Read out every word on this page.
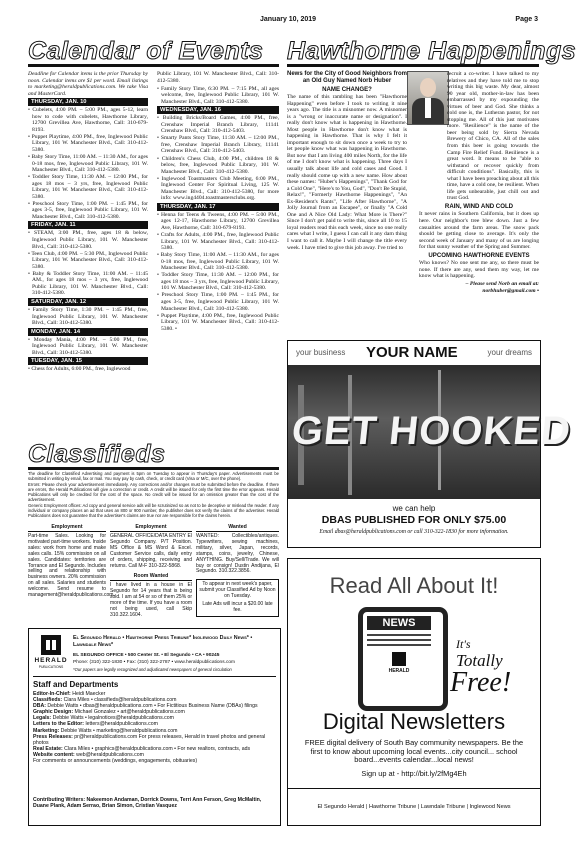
January 10, 2019	Page 3
Calendar of Events
Deadline for Calendar items is the prior Thursday by noon. Calendar items are $1 per word. Email listings to marketing@heraldpublications.com. We take Visa and MasterCard.
THURSDAY, JAN. 10
• Cubelets, 4:00 PM. – 5:00 PM., ages 5-12, learn how to code with cubelets, Hawthorne Library, 12700 Grevillea Ave, Hawthorne, Call: 310-679-8193.
• Puppet Playtime, 4:00 PM., free, Inglewood Public Library, 101 W. Manchester Blvd., Call: 310-412-5380.
• Baby Story Time, 11:00 AM. – 11:30 AM., for ages 0-18 mos, free, Inglewood Public Library, 101 W. Manchester Blvd., Call: 310-412-5380.
• Toddler Story Time, 11:30 AM. – 12:00 PM., for ages 18 mos – 3 yrs, free, Inglewood Public Library, 101 W. Manchester Blvd., Call: 310-412-5380.
• Preschool Story Time, 1:00 PM. – 1:45 PM., for ages 3-5, free, Inglewood Public Library, 101 W. Manchester Blvd., Call: 310-412-5380.
FRIDAY, JAN. 11
• STEAM, 3:00 PM., free, ages 18 & below, Inglewood Public Library, 101 W. Manchester Blvd., Call: 310-412-5380.
• Teen Club, 4:00 PM. – 5:30 PM., Inglewood Public Library, 101 W. Manchester Blvd., Call: 310-412-5380.
• Baby & Toddler Story Time, 11:00 AM. – 11:45 AM., for ages 18 mos – 3 yrs, free, Inglewood Public Library, 101 W. Manchester Blvd., Call: 310-412-5380.
SATURDAY, JAN. 12
• Family Story Time, 1:30 PM. – 1:45 PM., free, Inglewood Public Library, 101 W. Manchester Blvd., Call: 310-412-5380.
MONDAY, JAN. 14
• Monday Mania, 4:00 PM. – 5:00 PM., free, Inglewood Public Library, 101 W. Manchester Blvd., Call: 310-412-5380.
TUESDAY, JAN. 15
• Chess for Adults, 6:00 PM., free, Inglewood

Public Library, 101 W. Manchester Blvd., Call: 310-412-5380.

• Family Story Time, 6:30 PM. – 7:15 PM., all ages welcome, free, Inglewood Public Library, 101 W. Manchester Blvd., Call: 310-412-5380.
WEDNESDAY, JAN. 16
• Building Bricks/Board Games, 4:00 PM., free, Crenshaw Imperial Branch Library, 11141 Crenshaw Blvd., Call: 310-412-5403.
• Smarty Pants Story Time, 11:30 AM. – 12:00 PM., free, Crenshaw Imperial Branch Library, 11141 Crenshaw Blvd., Call: 310-412-5403.
• Children's Chess Club, 4:00 PM., children 18 & below, free, Inglewood Public Library, 101 W. Manchester Blvd., Call: 310-412-5380.
• Inglewood Toastmasters Club Meeting, 6:00 PM., Inglewood Center For Spiritual Living, 125 W. Manchester Blvd., Call: 310-412-5380, for more info: www.ing4404.toastmastersclubs.org.
THURSDAY, JAN. 17
• Henna for Teens & Tweens, 4:00 PM. – 5:00 PM., ages 12-17, Hawthorne Library, 12700 Grevillea Ave, Hawthorne, Call: 310-679-8193.
• Crafts for Adults, 4:00 PM., free, Inglewood Public Library, 101 W. Manchester Blvd., Call: 310-412-5380.
• Baby Story Time, 11:00 AM. – 11:30 AM., for ages 0-18 mos, free, Inglewood Public Library, 101 W. Manchester Blvd., Call: 310-412-5380.
• Toddler Story Time, 11:30 AM. – 12:00 PM., for ages 18 mos – 3 yrs, free, Inglewood Public Library, 101 W. Manchester Blvd., Call: 310-412-5380.
• Preschool Story Time, 1:00 PM. – 1:45 PM., for ages 3-5, free, Inglewood Public Library, 101 W. Manchester Blvd., Call: 310-412-5380.
• Puppet Playtime, 4:00 PM., free, Inglewood Public Library, 101 W. Manchester Blvd., Call: 310-412-5380. •
Hawthorne Happenings
News for the City of Good Neighbors from an Old Guy Named Norb Huber
NAME CHANGE?

The name of this rambling has been "Hawthorne Happening" even before I took to writing it nine years ago. The title is a misnomer now. A misnomer is a "wrong or inaccurate name or designation". I really don't know what is happening in Hawthorne. Most people in Hawthorne don't know what is happening in Hawthorne. That is why I felt it important enough to sit down once a week to try to let people know what was happening in Hawthorne. But now that I am living 400 miles North, for the life of me I don't know what is happening. Three days I usually talk about life and cold cases and Good. I really should come up with a new name. How about these names: "Huber's Happenings", "Thank God for a Cold One", "Here's to You, God", "Don't Be Stupid, Relax!", "Formerly Hawthorne Happenings", "An Ex-Resident's Rants", "Life After Hawthorne", "A Jolly Journal from an Escapee", or finally "A Cold One and A Nice Old Lady: What More is There?" Since I don't get paid to write this, since all 10 to 15 loyal readers read this each week, since no one really cares what I write, I guess I can call it any darn thing I want to call it. Maybe I will change the title every week. I have tried to give this job away. I've tried to

recruit a co-writer. I have talked to my relatives and they have told me to stop writing this big waste. My dear, almost 90 year old, mother-in-law has been embarrassed by my expounding the virtues of beer and God. She thinks a cold one is, the Lutheran pastor, for not stopping me. All of this just motivates more. "Resilience" is the name of the beer being sold by Sierra Nevada Brewery of Chico, CA. All of the sales from this beer is going towards the Camp Fire Relief Fund. Resilience is a great word. It means to be "able to withstand or recover quickly from difficult conditions". Basically, this is what I have been preaching about all this time, have a cold one, be resilient. When life gets unbearable, just chill out and trust God.

RAIN, WIND AND COLD

It never rains in Southern California, but it does up here. Our neighbor's tree blew down. Just a few casualties around the farm areas. The snow pack should be getting close to average. It's only the second week of January and many of us are longing for that sunny weather of the Spring and Summer.

UPCOMING HAWTHORNE EVENTS

Who knows? No one sent me any, so there must be none. If there are any, send them my way, let me know what is happening.

– Please send Norb an email at: norbhuber@gmail.com •

your business YOUR NAME	your dreams
GET HOOKED
we can help
DBAS PUBLISHED FOR ONLY $75.00
Email dbas@heraldpublications.com or call 310-322-1830 for more information.
Classifieds
The deadline for Classified Advertising and payment is 5pm on Tuesday to appear in Thursday's paper. Advertisements must be submitted in writing by email, fax or mail. You may pay by cash, check, or credit card (Visa or M/C, over the phone).
Errors: Please check your advertisement immediately. Any corrections and/or changes must be submitted before the deadline. If there are errors, the Herald Publications will give a correction or credit. A credit will be issued for only the first time the error appears. Herald Publications will only be credited for the cost of the space. No credit will be issued for an omission greater than the cost of the advertisement.
Generic Employment offices: Ad copy and general service ads will be scrutinized so as not to be deceptive or mislead the reader. If any individual or company places an ad that uses an 800 or 900 number, the publisher does not verify the claims of the advertiser. Herald Publications does not guarantee that the advertiser's claims are true nor are responsible for the claims herein.
Employment
Part-time Sales. Looking for motivated part-time workers. Inside sales: work from home and make sales calls. 15% commission on all sales. Candidates: territories are Torrance and El Segundo. Includes selling and relationship with business owners. 20% commission on all sales. Salaries and students welcome. Send resume to management@heraldpublications.com.
Employment
GENERAL OFFICE/DATA ENTRY El Segundo Company. P/T Position. MS Office & MS Word & Excel. Customer Service calls, daily entry of orders, shipping, receiving and returns. Call M-F 310-322-5868.
Room Wanted
I have lived in a house in El Segundo for 14 years that is being sold. I am at 54 or so of them 25% or more of the time. If you have a room not being used, call Skip 310.322.1604.
Wanted
WANTED: Collectibles/antiques. Typewriters, sewing machines, military, silver, Japan, records, stamps, coins, jewelry, Chinese, ANYTHING. Buy/Sell/Trade. We will buy or consign! Dustin Andijana, El Segundo. 310.322.3856.
To appear in next week's paper, submit your Classified Ad by Noon on Tuesday.
Late Ads will incur a $20.00 late fee.
HERALD
PUBLICATIONS
El Segundo Herald • Hawthorne Press Tribune* Inglewood Daily News* • Lawndale News*
EL SEGUNDO OFFICE • 500 Center St. • El Segundo • CA • 90245
Phone: (310) 322-1830 • Fax: (310) 322-2787 • www.heraldpublications.com
*Our papers are legally recognized and adjudicated newspapers of general circulation
Staff and Departments
Editor-In-Chief: Heidi Maecker
Classifieds: Clara Miles • classifieds@heraldpublications.com
DBA: Debbie Watts • dbas@heraldpublications.com • For Fictitious Business Name (DBAs) filings
Graphic Design: Michael Gonzalez • art@heraldpublications.com
Legals: Debbie Watts • legalnotices@heraldpublications.com
Letters to the Editor: letters@heraldpublications.com
Marketing: Debbie Watts • marketing@heraldpublications.com
Press Releases: pr@heraldpublications.com For press releases, Herald in travel photos and general photos
Real Estate: Clara Miles • graphics@heraldpublications.com • For new realtors, contracts, ads
Website content: web@heraldpublications.com
For comments or announcements (weddings, engagements, obituaries)
Contributing Writers: Nakeemon Andaman, Dorrick Downs, Terri Ann Ferson, Greg McMaltin, Duane Plank, Adam Serrao, Brian Simon, Cristian Vasquez
Read All About It!
NEWS
HERALD
It's
Totally
Free!
Digital Newsletters
FREE digital delivery of South Bay community newspapers. Be the first to know about upcoming local events...city council... school board...events calendar...local news!
Sign up at - http://bit.ly/2fMg4Eh
El Segundo Herald | Hawthorne Tribune | Lawndale Tribune | Inglewood News
